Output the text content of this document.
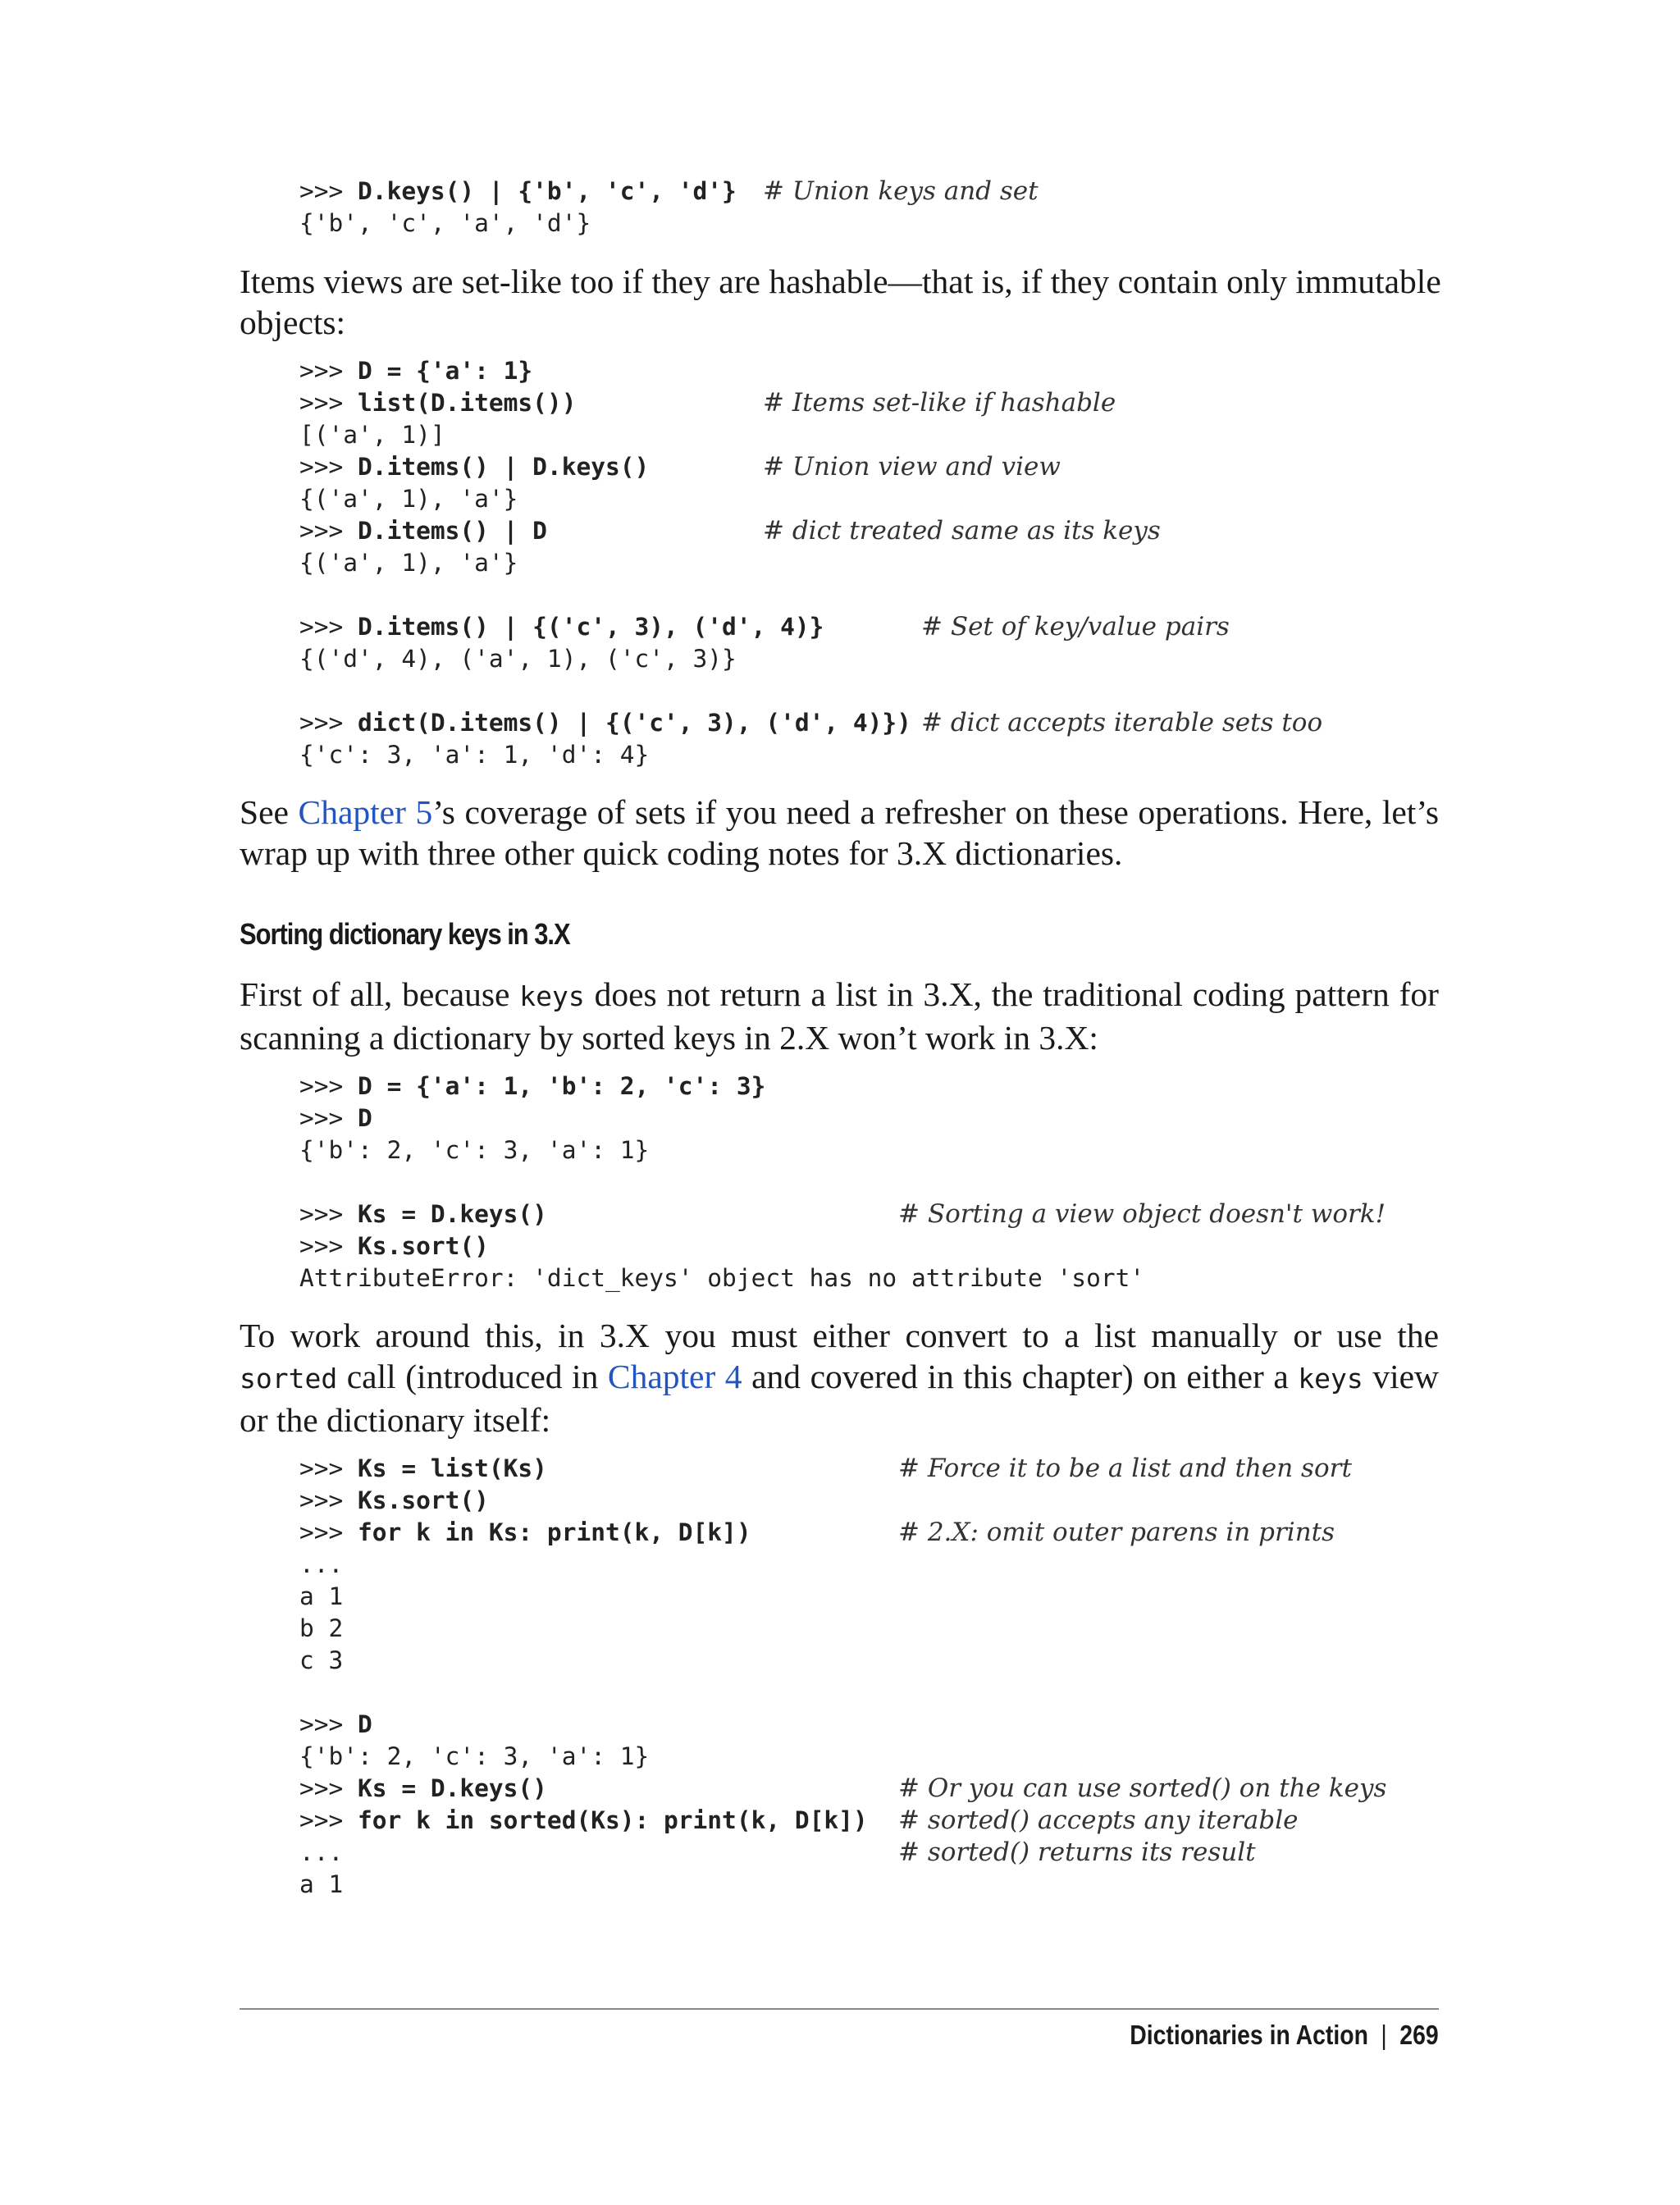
>>> D.keys() | {'b', 'c', 'd'} # Union keys and set
{'b', 'c', 'a', 'd'}
Items views are set-like too if they are hashable—that is, if they contain only immutable
objects:
>>> D = {'a': 1}
>>> list(D.items())	# Items set-like if hashable
[('a', 1)]
>>> D.items() | D.keys()	# Union view and view
{('a', 1), 'a'}
>>> D.items() | D	# dict treated same as its keys
{('a', 1), 'a'}
>>> D.items() | {('c', 3), ('d', 4)}	# Set of key/value pairs
{('d', 4), ('a', 1), ('c', 3)}
>>> dict(D.items() | {('c', 3), ('d', 4)}) # dict accepts iterable sets too
{'c': 3, 'a': 1, 'd': 4}
See Chapter 5’s coverage of sets if you need a refresher on these operations. Here, let’s
wrap up with three other quick coding notes for 3.X dictionaries.
Sorting dictionary keys in 3.X
First of all, because keys does not return a list in 3.X, the traditional coding pattern for
scanning a dictionary by sorted keys in 2.X won’t work in 3.X:
>>> D = {'a': 1, 'b': 2, 'c': 3}
>>> D
{'b': 2, 'c': 3, 'a': 1}
>>> Ks = D.keys()	# Sorting a view object doesn't work!
>>> Ks.sort()
AttributeError: 'dict_keys' object has no attribute 'sort'
To work around this, in 3.X you must either convert to a list manually or use the
sorted call (introduced in Chapter 4 and covered in this chapter) on either a keys view
or the dictionary itself:
>>> Ks = list(Ks)	# Force it to be a list and then sort
>>> Ks.sort()
>>> for k in Ks: print(k, D[k])	# 2.X: omit outer parens in prints
...
a 1
b 2
c 3
>>> D
{'b': 2, 'c': 3, 'a': 1}
>>> Ks = D.keys()	# Or you can use sorted() on the keys
>>> for k in sorted(Ks): print(k, D[k]) # sorted() accepts any iterable
...	# sorted() returns its result
a 1
Dictionaries in Action | 269
